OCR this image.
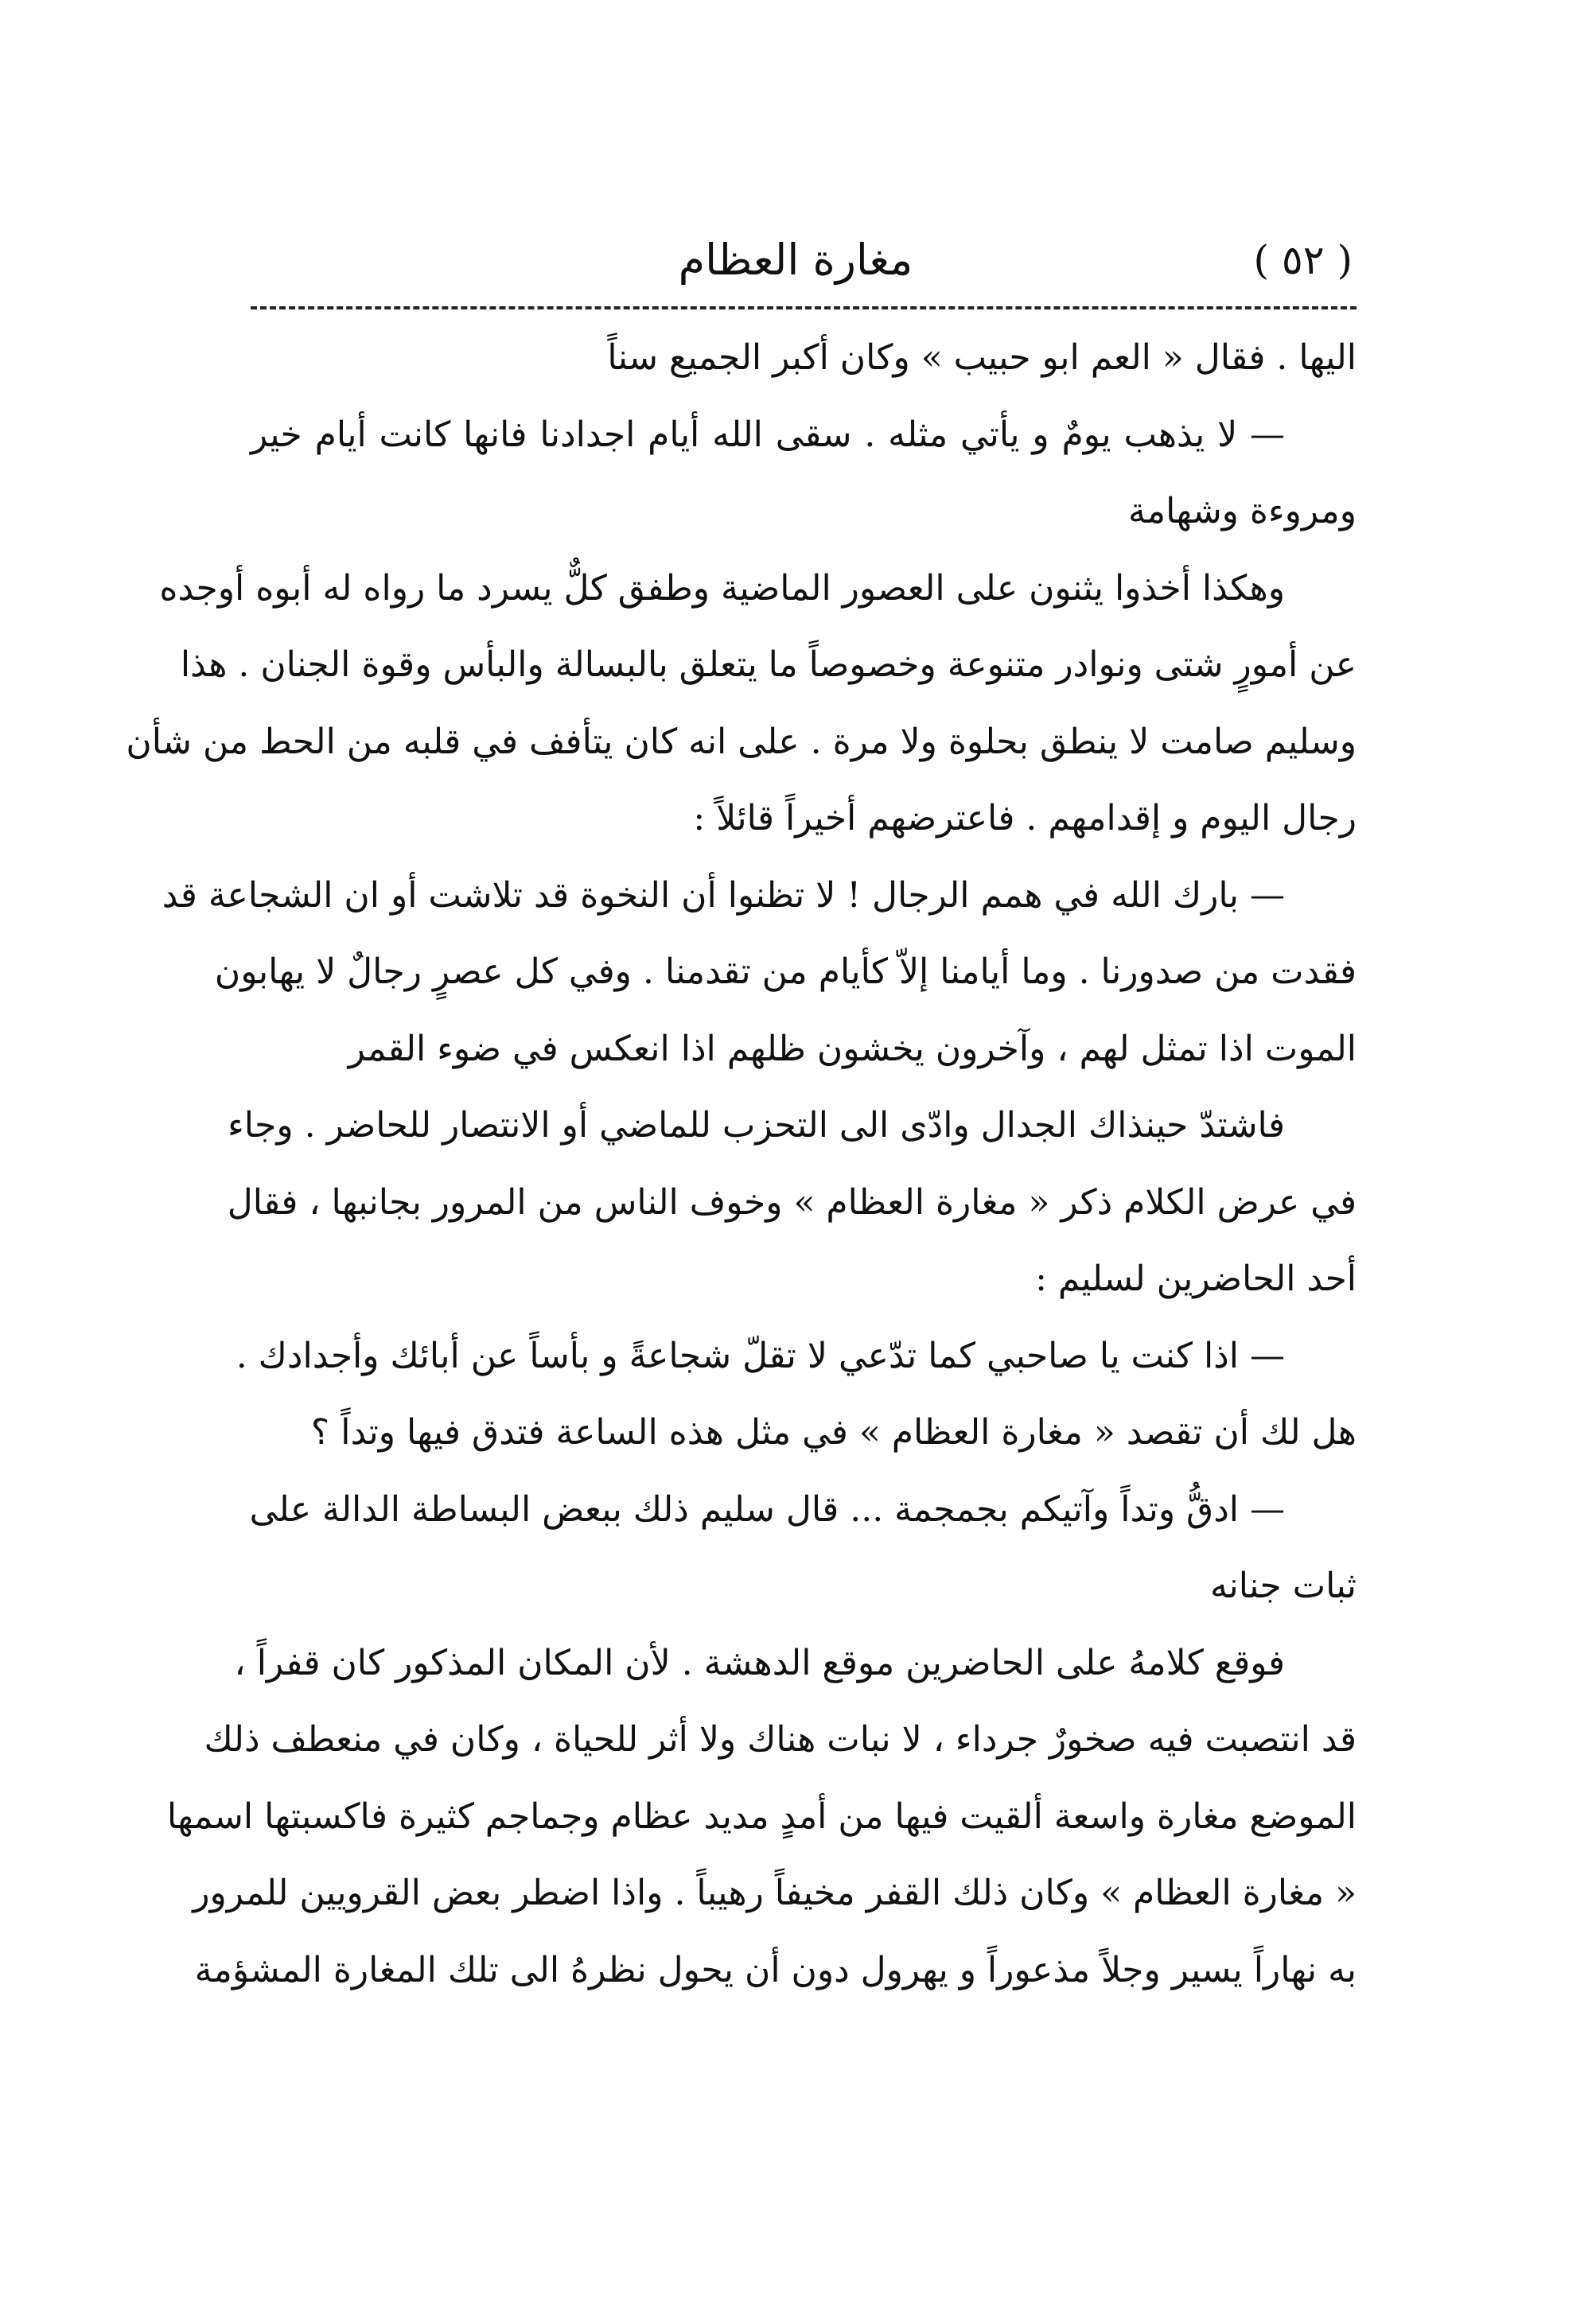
( ٥٢ )
مغارة العظام
اليها . فقال « العم ابو حبيب » وكان أكبر الجميع سناً
— لا يذهب يومٌ و يأتي مثله . سقى الله أيام اجدادنا فانها كانت أيام خير
ومروءة وشهامة
وهكذا أخذوا يثنون على العصور الماضية وطفق كلٌّ يسرد ما رواه له أبوه أوجده
عن أمورٍ شتى ونوادر متنوعة وخصوصاً ما يتعلق بالبسالة والبأس وقوة الجنان . هذا
وسليم صامت لا ينطق بحلوة ولا مرة . على انه كان يتأفف في قلبه من الحط من شأن
رجال اليوم و إقدامهم . فاعترضهم أخيراً قائلاً :
— بارك الله في همم الرجال ! لا تظنوا أن النخوة قد تلاشت أو ان الشجاعة قد
فقدت من صدورنا . وما أيامنا إلاّ كأيام من تقدمنا . وفي كل عصرٍ رجالٌ لا يهابون
الموت اذا تمثل لهم ، وآخرون يخشون ظلهم اذا انعكس في ضوء القمر
فاشتدّ حينذاك الجدال وادّى الى التحزب للماضي أو الانتصار للحاضر . وجاء
في عرض الكلام ذكر « مغارة العظام » وخوف الناس من المرور بجانبها ، فقال
أحد الحاضرين لسليم :
— اذا كنت يا صاحبي كما تدّعي لا تقلّ شجاعةً و بأساً عن أبائك وأجدادك .
هل لك أن تقصد « مغارة العظام » في مثل هذه الساعة فتدق فيها وتداً ؟
— ادقُّ وتداً وآتيكم بجمجمة ... قال سليم ذلك ببعض البساطة الدالة على
ثبات جنانه
فوقع كلامهُ على الحاضرين موقع الدهشة . لأن المكان المذكور كان قفراً ،
قد انتصبت فيه صخورٌ جرداء ، لا نبات هناك ولا أثر للحياة ، وكان في منعطف ذلك
الموضع مغارة واسعة ألقيت فيها من أمدٍ مديد عظام وجماجم كثيرة فاكسبتها اسمها
« مغارة العظام » وكان ذلك القفر مخيفاً رهيباً . واذا اضطر بعض القرويين للمرور
به نهاراً يسير وجلاً مذعوراً و يهرول دون أن يحول نظرهُ الى تلك المغارة المشؤمة
